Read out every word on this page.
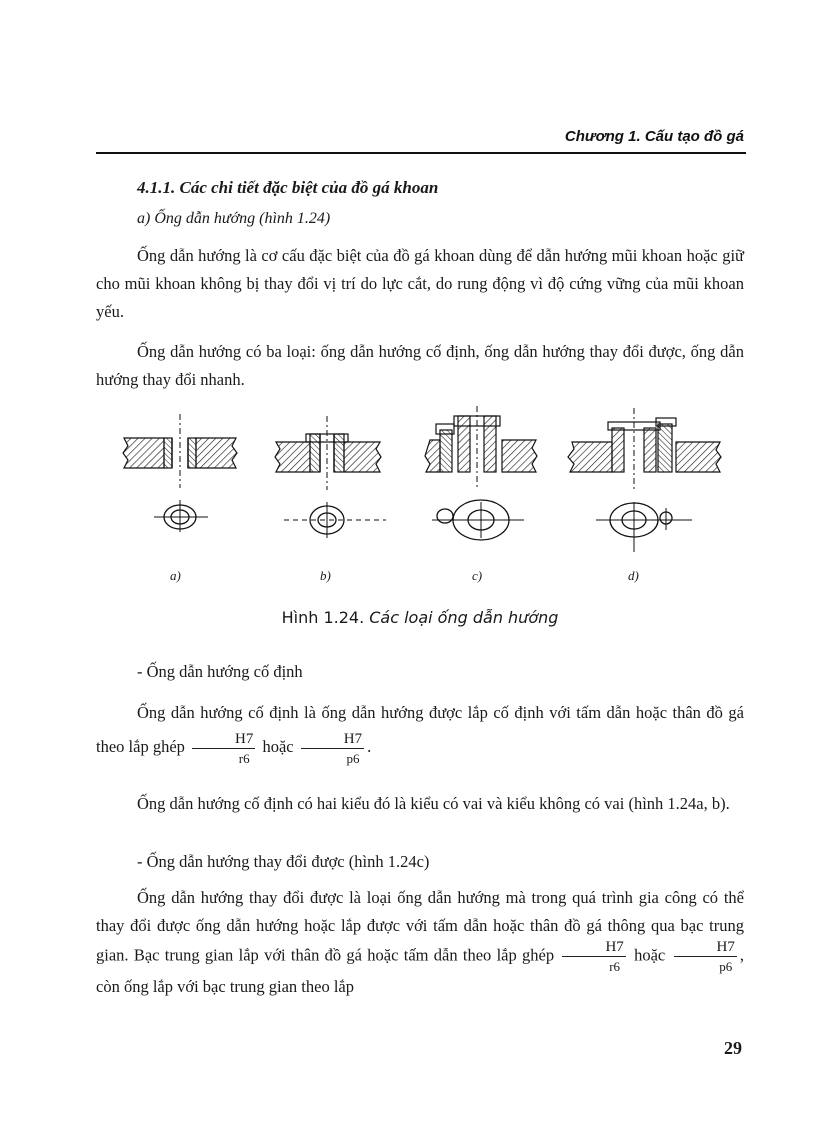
Chương 1. Cấu tạo đồ gá
4.1.1. Các chi tiết đặc biệt của đồ gá khoan
a) Ống dẫn hướng (hình 1.24)
Ống dẫn hướng là cơ cấu đặc biệt của đồ gá khoan dùng để dẫn hướng mũi khoan hoặc giữ cho mũi khoan không bị thay đổi vị trí do lực cắt, do rung động vì độ cứng vững của mũi khoan yếu.
Ống dẫn hướng có ba loại: ống dẫn hướng cố định, ống dẫn hướng thay đổi được, ống dẫn hướng thay đổi nhanh.
a)	b)	c)	d)
Hình 1.24. Các loại ống dẫn hướng
- Ống dẫn hướng cố định
Ống dẫn hướng cố định là ống dẫn hướng được lắp cố định với tấm dẫn hoặc thân đồ gá theo lắp ghép $\frac{H7}{r6}$ hoặc $\frac{H7}{p6}$ .
Ống dẫn hướng cố định có hai kiểu đó là kiểu có vai và kiểu không có vai (hình 1.24a, b).
- Ống dẫn hướng thay đổi được (hình 1.24c)
Ống dẫn hướng thay đổi được là loại ống dẫn hướng mà trong quá trình gia công có thể thay đổi được ống dẫn hướng hoặc lắp được với tấm dẫn hoặc thân đồ gá thông qua bạc trung gian. Bạc trung gian lắp với thân đồ gá hoặc tấm dẫn theo lắp ghép $\frac{H7}{r6}$ hoặc $\frac{H7}{p6}$ , còn ống lắp với bạc trung gian theo lắp
29
